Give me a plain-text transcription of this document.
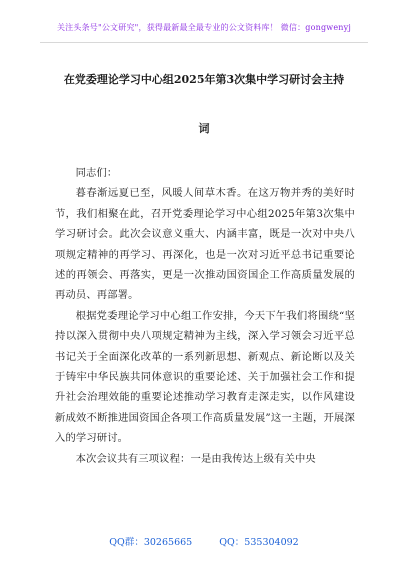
关注头条号"公文研究"，获得最新最全最专业的公文资料库！ 微信：gongwenyj
在党委理论学习中心组2025年第3次集中学习研讨会主持
词

同志们：

暮春渐远夏已至，风暖人间草木香。在这万物并秀的美好时节，我们相聚在此，召开党委理论学习中心组2025年第3次集中学习研讨会。此次会议意义重大、内涵丰富，既是一次对中央八项规定精神的再学习、再深化，也是一次对习近平总书记重要论述的再领会、再落实，更是一次推动国资国企工作高质量发展的再动员、再部署。

根据党委理论学习中心组工作安排，今天下午我们将围绕“坚持以深入贯彻中央八项规定精神为主线，深入学习领会习近平总书记关于全面深化改革的一系列新思想、新观点、新论断以及关于铸牢中华民族共同体意识的重要论述、关于加强社会工作和提升社会治理效能的重要论述推动学习教育走深走实，以作风建设新成效不断推进国资国企各项工作高质量发展”这一主题，开展深入的学习研讨。

本次会议共有三项议程：一是由我传达上级有关中央

QQ群：30265665	QQ：535304092
